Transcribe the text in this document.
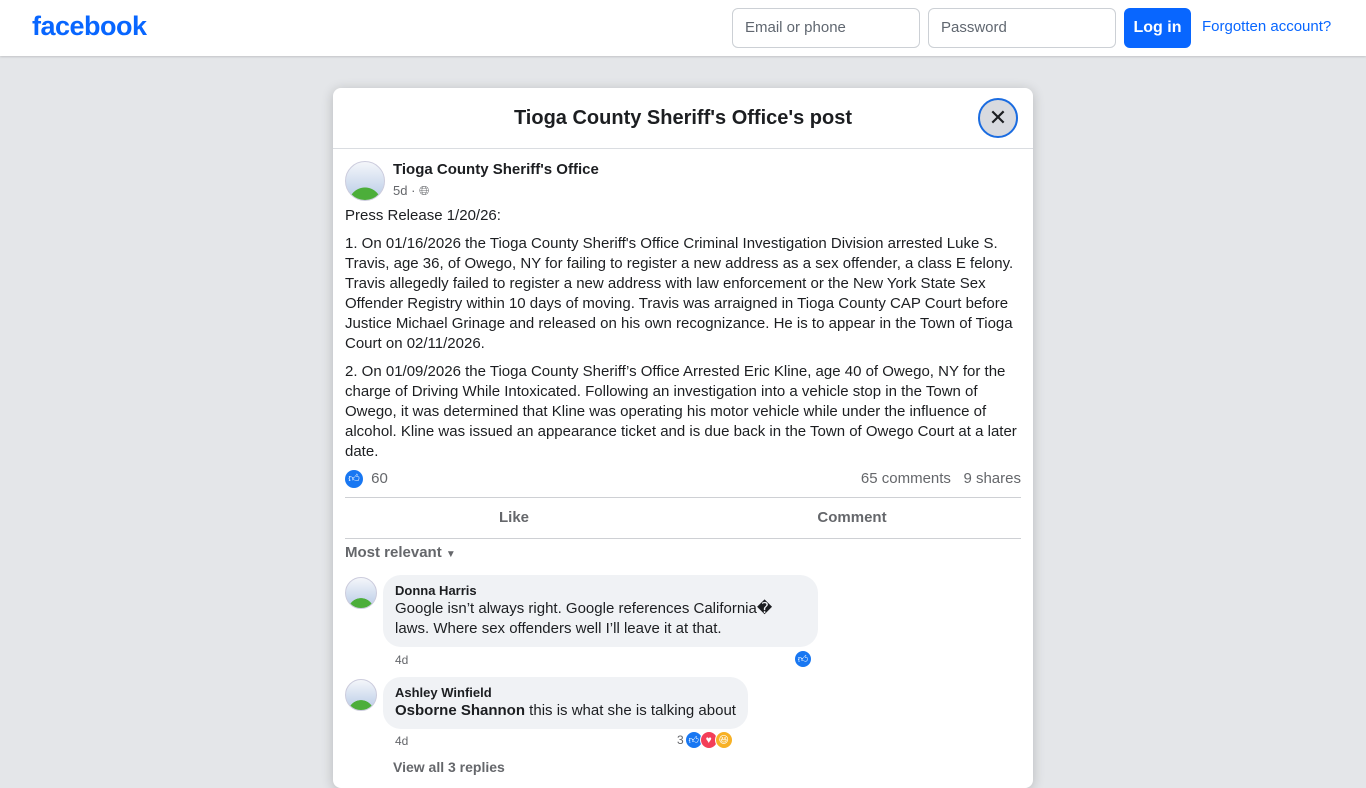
facebook	Email or phone	Password	Log in	Forgotten account?
Tioga County Sheriff's Office's post	✕
Tioga County Sheriff's Office
5d · 🌐︎

Press Release 1/20/26:

1. On 01/16/2026 the Tioga County Sheriff's Office Criminal Investigation Division arrested Luke S. Travis, age 36, of Owego, NY for failing to register a new address as a sex offender, a class E felony. Travis allegedly failed to register a new address with law enforcement or the New York State Sex Offender Registry within 10 days of moving. Travis was arraigned in Tioga County CAP Court before Justice Michael Grinage and released on his own recognizance. He is to appear in the Town of Tioga Court on 02/11/2026.

2. On 01/09/2026 the Tioga County Sheriff’s Office Arrested Eric Kline, age 40 of Owego, NY for the charge of Driving While Intoxicated. Following an investigation into a vehicle stop in the Town of Owego, it was determined that Kline was operating his motor vehicle while under the influence of alcohol. Kline was issued an appearance ticket and is due back in the Town of Owego Court at a later date.

👍︎ 60	65 comments 9 shares
Like	Comment
Most relevant ▼
Donna Harris
Google isn’t always right. Google references California� laws. Where sex offenders well I’ll leave it at that.
4d	👍︎
Ashley Winfield
Osborne Shannon this is what she is talking about
4d	3 👍︎ ♥ 😆︎
View all 3 replies
